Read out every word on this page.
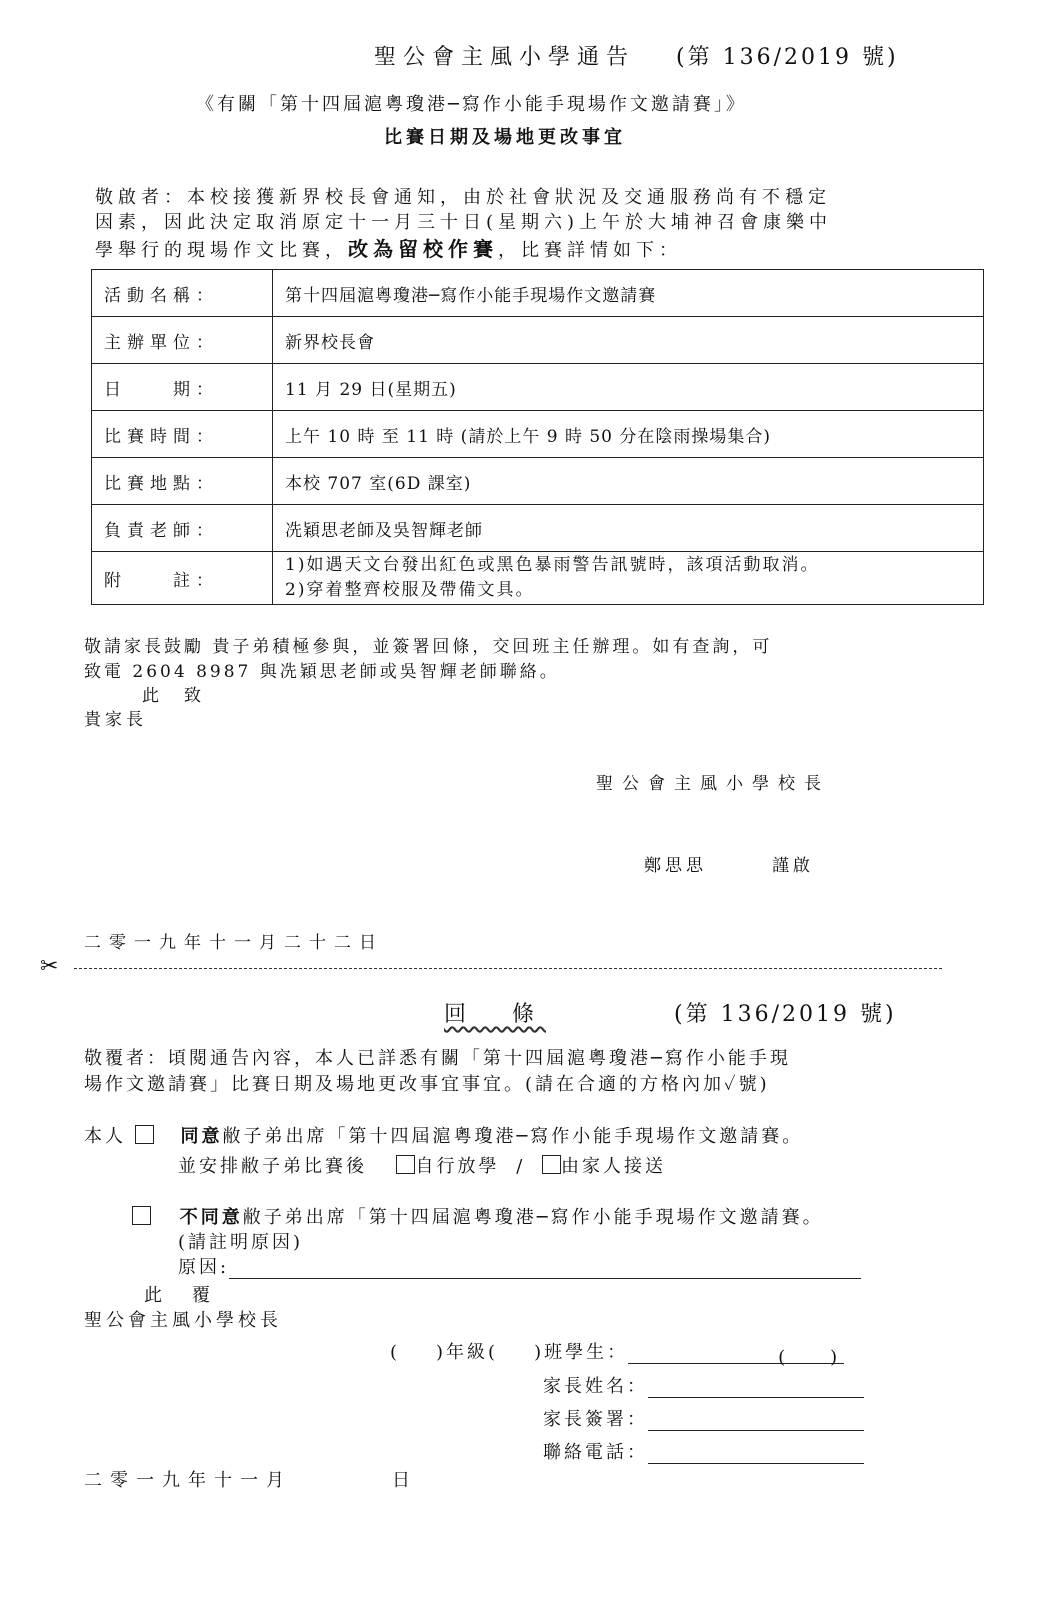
聖公會主風小學通告 (第 136/2019 號)
《有關「第十四屆滬粵瓊港─寫作小能手現場作文邀請賽」》
比賽日期及場地更改事宜
敬啟者：本校接獲新界校長會通知，由於社會狀況及交通服務尚有不穩定
因素，因此決定取消原定十一月三十日(星期六)上午於大埔神召會康樂中
學舉行的現場作文比賽，改為留校作賽，比賽詳情如下：
活動名稱：	第十四屆滬粵瓊港─寫作小能手現場作文邀請賽
主辦單位：	新界校長會
日　　期：	11 月 29 日(星期五)
比賽時間：	上午 10 時 至 11 時 (請於上午 9 時 50 分在陰雨操場集合)
比賽地點：	本校 707 室(6D 課室)
負責老師：	冼穎思老師及吳智輝老師
附　　註：	1)如遇天文台發出紅色或黑色暴雨警告訊號時，該項活動取消。
2)穿着整齊校服及帶備文具。
敬請家長鼓勵 貴子弟積極參與，並簽署回條，交回班主任辦理。如有查詢，可
致電 2604 8987 與冼穎思老師或吳智輝老師聯絡。
此　致
貴家長
聖公會主風小學校長
鄭思思	謹啟
二零一九年十一月二十二日
✂
回　條	(第 136/2019 號)
敬覆者：頃閱通告內容，本人已詳悉有關「第十四屆滬粵瓊港─寫作小能手現
場作文邀請賽」比賽日期及場地更改事宜事宜。(請在合適的方格內加✓號)
本人	同意敝子弟出席「第十四屆滬粵瓊港─寫作小能手現場作文邀請賽。
並安排敝子弟比賽後	自行放學 / 由家人接送
不同意敝子弟出席「第十四屆滬粵瓊港─寫作小能手現場作文邀請賽。
(請註明原因)
原因:
此　覆
聖公會主風小學校長
( )年級( )班學生：	(　　)
家長姓名：
家長簽署：
聯絡電話：
二零一九年十一月	日
